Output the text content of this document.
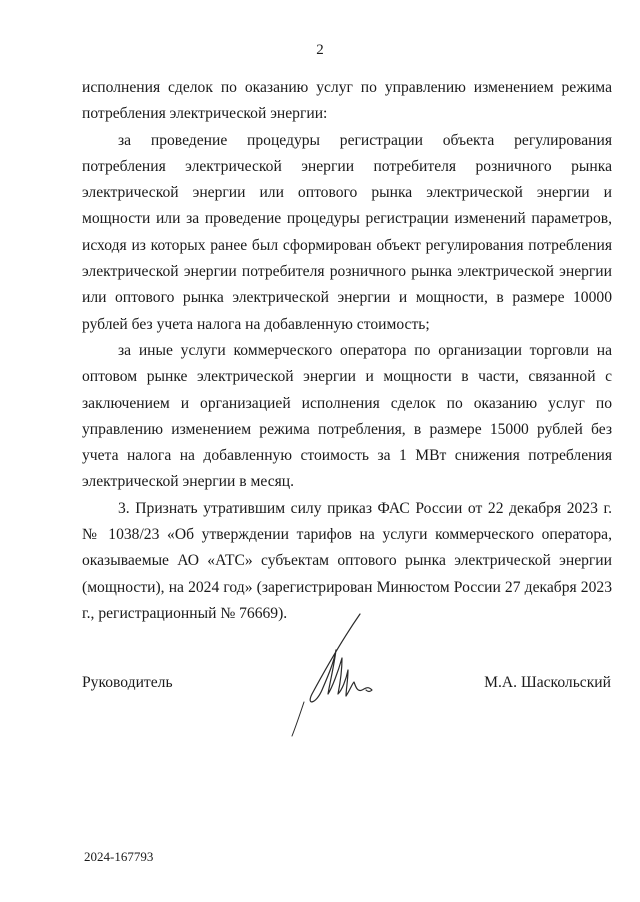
2

исполнения сделок по оказанию услуг по управлению изменением режима потребления электрической энергии:

за проведение процедуры регистрации объекта регулирования потребления электрической энергии потребителя розничного рынка электрической энергии или оптового рынка электрической энергии и мощности или за проведение процедуры регистрации изменений параметров, исходя из которых ранее был сформирован объект регулирования потребления электрической энергии потребителя розничного рынка электрической энергии или оптового рынка электрической энергии и мощности, в размере 10000 рублей без учета налога на добавленную стоимость;

за иные услуги коммерческого оператора по организации торговли на оптовом рынке электрической энергии и мощности в части, связанной с заключением и организацией исполнения сделок по оказанию услуг по управлению изменением режима потребления, в размере 15000 рублей без учета налога на добавленную стоимость за 1 МВт снижения потребления электрической энергии в месяц.

3. Признать утратившим силу приказ ФАС России от 22 декабря 2023 г. № 1038/23 «Об утверждении тарифов на услуги коммерческого оператора, оказываемые АО «АТС» субъектам оптового рынка электрической энергии (мощности), на 2024 год» (зарегистрирован Минюстом России 27 декабря 2023 г., регистрационный № 76669).

Руководитель	М.А. Шаскольский
2024-167793
